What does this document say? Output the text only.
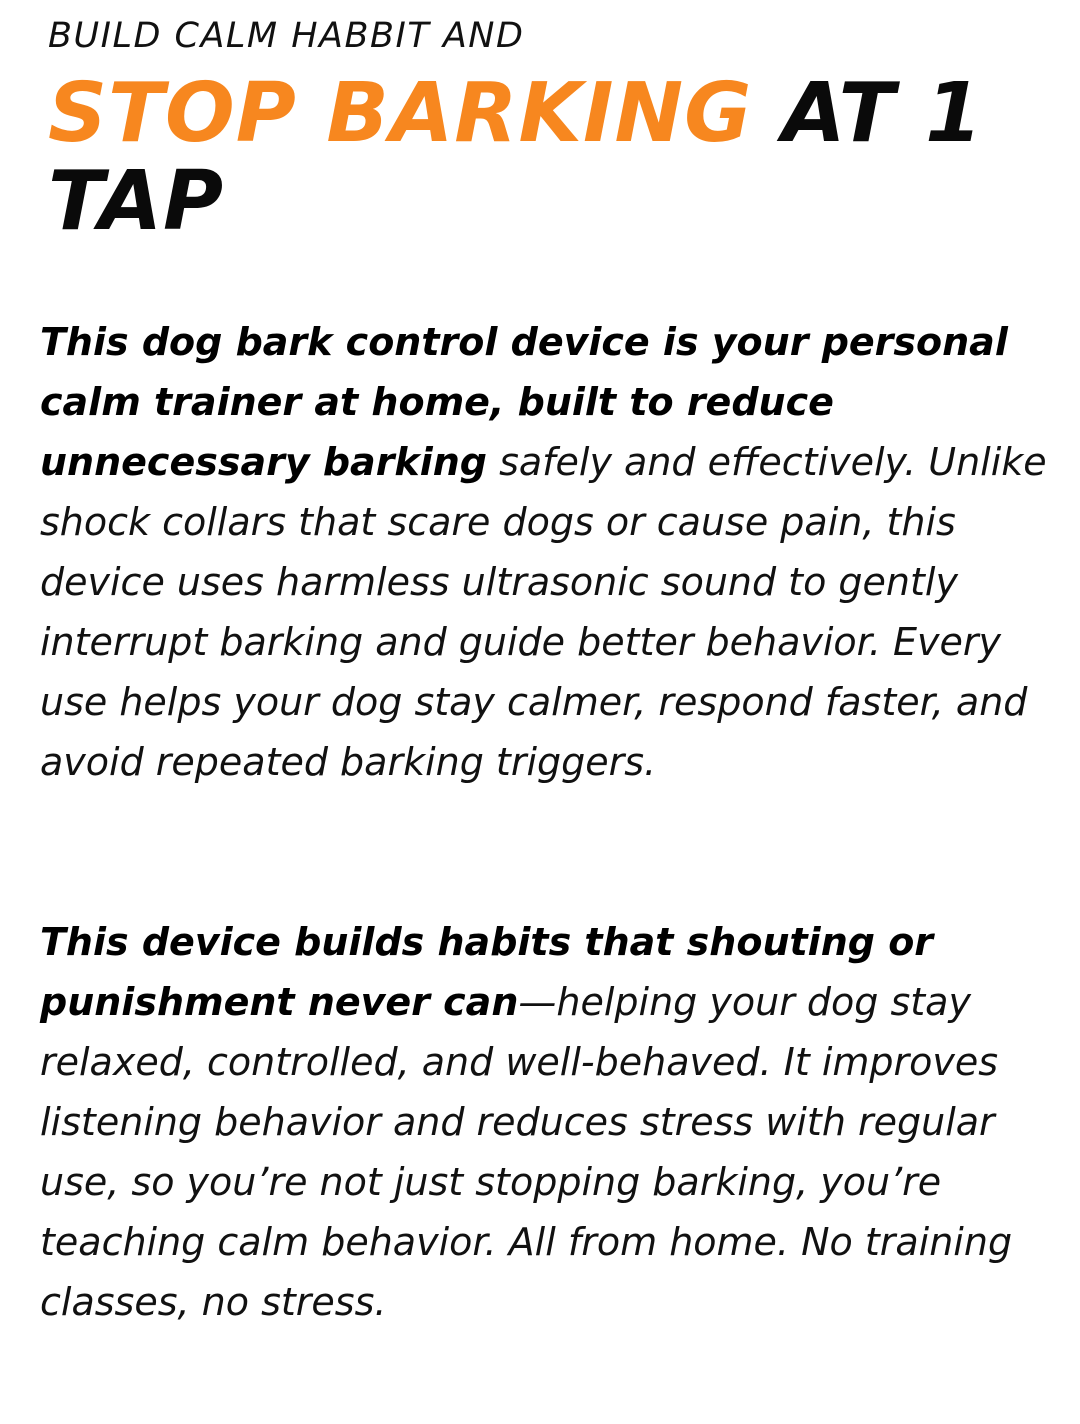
BUILD CALM HABBIT AND
STOP BARKING AT 1 TAP

This dog bark control device is your personal calm trainer at home, built to reduce unnecessary barking safely and effectively. Unlike shock collars that scare dogs or cause pain, this device uses harmless ultrasonic sound to gently interrupt barking and guide better behavior. Every use helps your dog stay calmer, respond faster, and avoid repeated barking triggers.

This device builds habits that shouting or punishment never can—helping your dog stay relaxed, controlled, and well-behaved. It improves listening behavior and reduces stress with regular use, so you’re not just stopping barking, you’re teaching calm behavior. All from home. No training classes, no stress.
